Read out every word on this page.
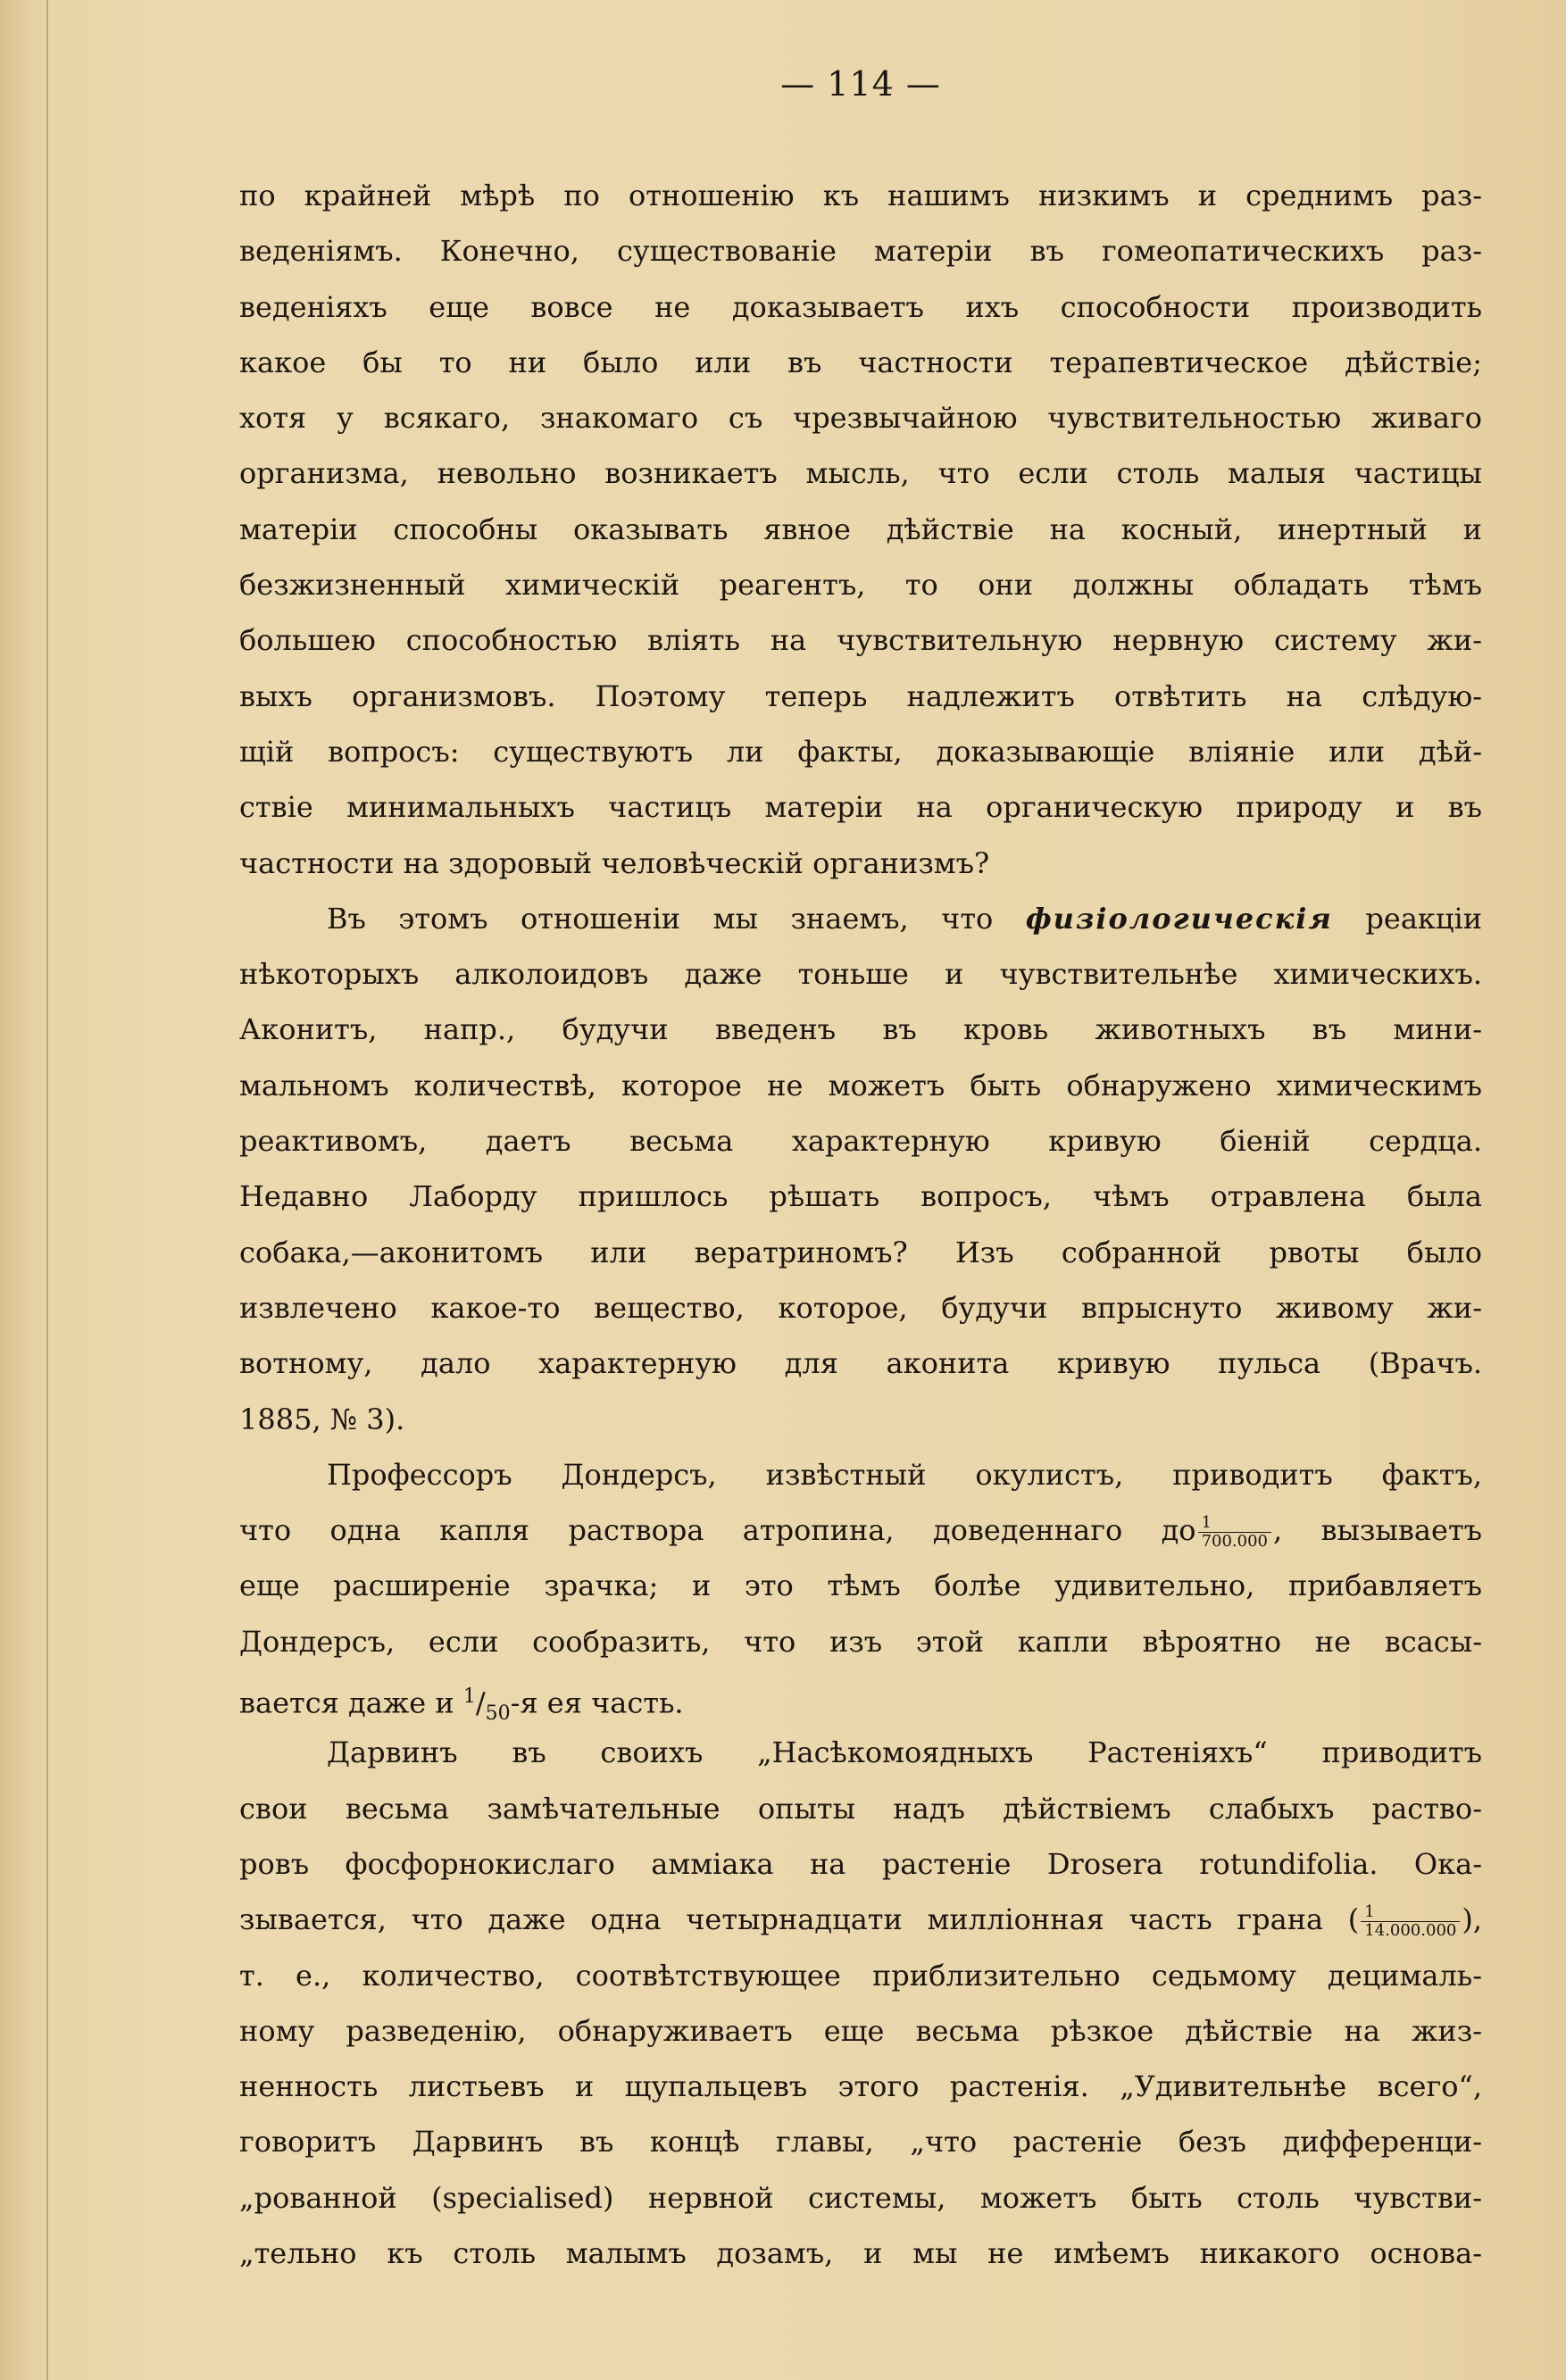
— 114 —
по крайней мѣрѣ по отношенію къ нашимъ низкимъ и среднимъ раз-
веденіямъ. Конечно, существованіе матеріи въ гомеопатическихъ раз-
веденіяхъ еще вовсе не доказываетъ ихъ способности производить
какое бы то ни было или въ частности терапевтическое дѣйствіе;
хотя у всякаго, знакомаго съ чрезвычайною чувствительностью живаго
организма, невольно возникаетъ мысль, что если столь малыя частицы
матеріи способны оказывать явное дѣйствіе на косный, инертный и
безжизненный химическій реагентъ, то они должны обладать тѣмъ
большею способностью влiять на чувствительную нервную систему жи-
выхъ организмовъ. Поэтому теперь надлежитъ отвѣтить на слѣдую-
щій вопросъ: существуютъ ли факты, доказывающіе вліяніе или дѣй-
ствіе минимальныхъ частицъ матеріи на органическую природу и въ
частности на здоровый человѣческій организмъ?
Въ этомъ отношеніи мы знаемъ, что физiологическія реакціи
нѣкоторыхъ алколоидовъ даже тоньше и чувствительнѣе химическихъ.
Аконитъ, напр., будучи введенъ въ кровь животныхъ въ мини-
мальномъ количествѣ, которое не можетъ быть обнаружено химическимъ
реактивомъ, даетъ весьма характерную кривую біеній сердца.
Недавно Лаборду пришлось рѣшать вопросъ, чѣмъ отравлена была
собака,—аконитомъ или вератриномъ? Изъ собранной рвоты было
извлечено какое-то вещество, которое, будучи впрыснуто живому жи-
вотному, дало характерную для аконита кривую пульса (Врачъ.
1885, № 3).
Профессоръ Дондерсъ, извѣстный окулистъ, приводитъ фактъ,
что одна капля раствора атропина, доведеннаго до $\frac{1}{700.000}$ , вызываетъ
еще расширеніе зрачка; и это тѣмъ болѣе удивительно, прибавляетъ
Дондерсъ, если сообразить, что изъ этой капли вѣроятно не всасы-
вается даже и $^1/_{50}-я$ ея часть.
Дарвинъ въ своихъ „Насѣкомоядныхъ Растеніяхъ“ приводитъ
свои весьма замѣчательные опыты надъ дѣйствіемъ слабыхъ раство-
ровъ фосфорнокислаго амміака на растеніе Drosera rotundifolia. Ока-
зывается, что даже одна четырнадцати миллiонная часть грана ( $\frac{1}{14.000.000}$ ),
т. е., количество, соотвѣтствующее приблизительно седьмому децималь-
ному разведенію, обнаруживаетъ еще весьма рѣзкое дѣйствіе на жиз-
ненность листьевъ и щупальцевъ этого растенія. „Удивительнѣе всего“,
говоритъ Дарвинъ въ концѣ главы, „что растеніе безъ дифференци-
„рованной (specialised) нервной системы, можетъ быть столь чувстви-
„тельно къ столь малымъ дозамъ, и мы не имѣемъ никакого основа-
